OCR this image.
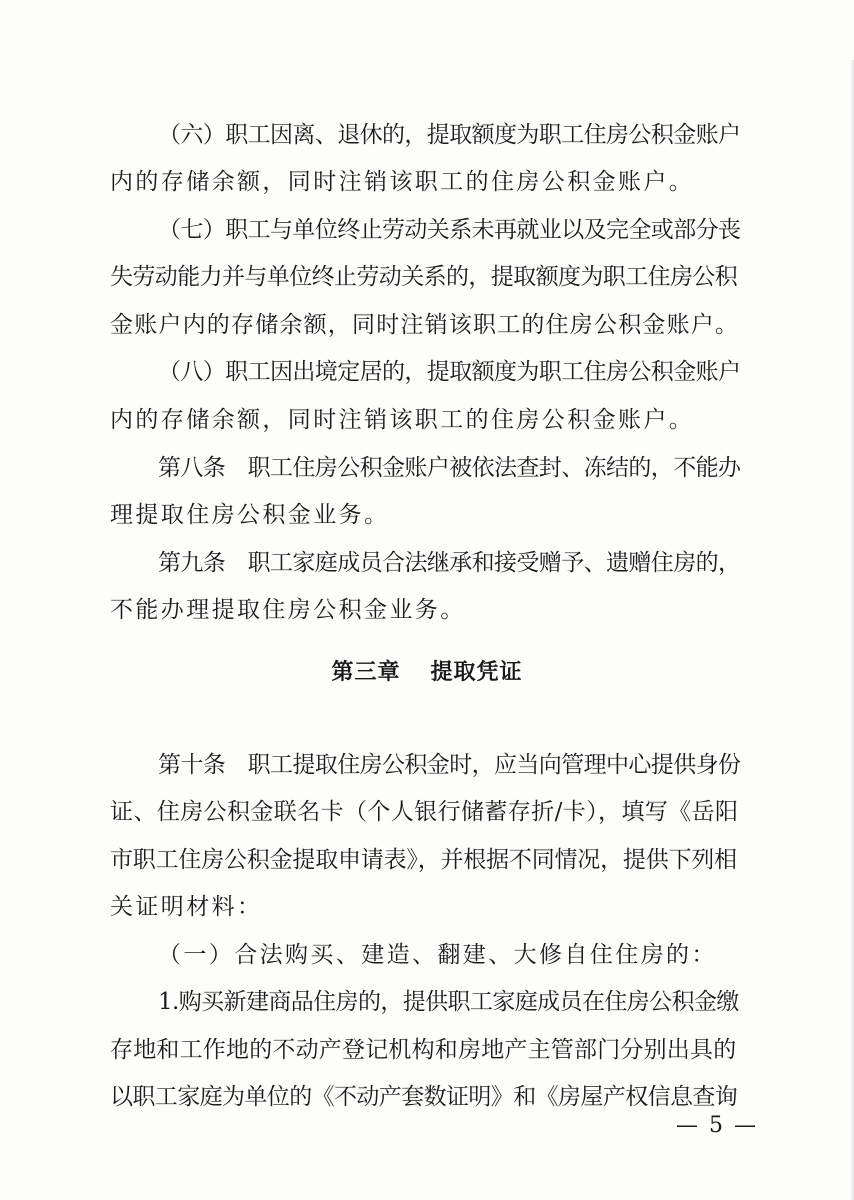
（六）职工因离、退休的，提取额度为职工住房公积金账户
内的存储余额，同时注销该职工的住房公积金账户。
（七）职工与单位终止劳动关系未再就业以及完全或部分丧
失劳动能力并与单位终止劳动关系的，提取额度为职工住房公积
金账户内的存储余额，同时注销该职工的住房公积金账户。
（八）职工因出境定居的，提取额度为职工住房公积金账户
内的存储余额，同时注销该职工的住房公积金账户。
第八条　职工住房公积金账户被依法查封、冻结的，不能办
理提取住房公积金业务。
第九条　职工家庭成员合法继承和接受赠予、遗赠住房的，
不能办理提取住房公积金业务。
第三章 提取凭证
第十条　职工提取住房公积金时，应当向管理中心提供身份
证、住房公积金联名卡（个人银行储蓄存折/卡），填写《岳阳
市职工住房公积金提取申请表》，并根据不同情况，提供下列相
关证明材料：
（一）合法购买、建造、翻建、大修自住住房的：
1.购买新建商品住房的，提供职工家庭成员在住房公积金缴
存地和工作地的不动产登记机构和房地产主管部门分别出具的
以职工家庭为单位的《不动产套数证明》和《房屋产权信息查询
— 5 —
